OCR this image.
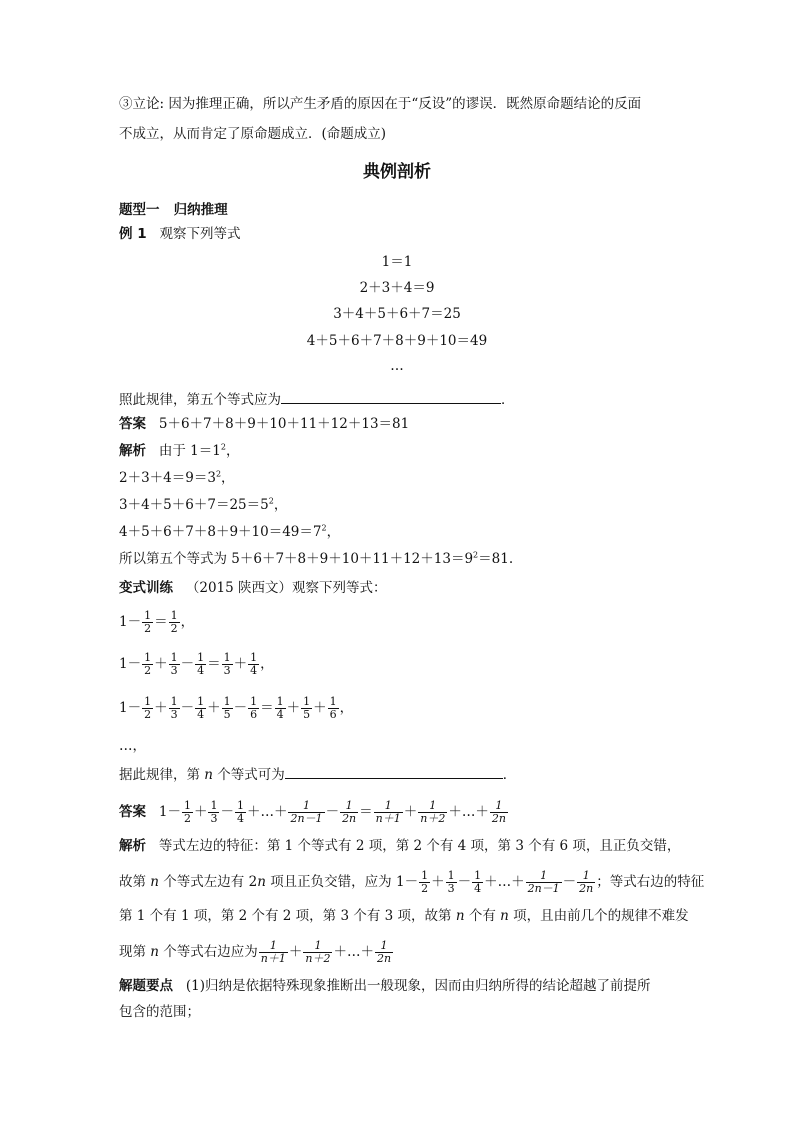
③立论: 因为推理正确，所以产生矛盾的原因在于“反设”的谬误．既然原命题结论的反面
不成立，从而肯定了原命题成立．(命题成立)
典例剖析
题型一 归纳推理
例 1 观察下列等式
1＝1
2＋3＋4＝9
3＋4＋5＋6＋7＝25
4＋5＋6＋7＋8＋9＋10＝49
…
照此规律，第五个等式应为	．
答案 5＋6＋7＋8＋9＋10＋11＋12＋13＝81
解析 由于 $1=1^2$，
$2+3+4=9=3^2$，
$3+4+5+6+7=25=5^2$，
$4+5+6+7+8+9+10=49=7^2$，
所以第五个等式为 $5+6+7+8+9+10+11+12+13=9^2=81$.
变式训练 （2015 陕西文）观察下列等式：
$1- \frac{1}{2} = \frac{1}{2}$ ，
$1- \frac{1}{2} + \frac{1}{3} - \frac{1}{4} = \frac{1}{3} + \frac{1}{4}$ ，
$1- \frac{1}{2} + \frac{1}{3} - \frac{1}{4} + \frac{1}{5} - \frac{1}{6} = \frac{1}{4} + \frac{1}{5} + \frac{1}{6}$ ，
…，
据此规律，第 n 个等式可为	．
答案 $1- \frac{1}{2} + \frac{1}{3} - \frac{1}{4}$ ＋…＋ $\frac{1}{2n-1} - \frac{1}{2n} = \frac{1}{n+1} + \frac{1}{n+2}$ ＋…＋ $\frac{1}{2n}$
解析 等式左边的特征：第 1 个等式有 2 项，第 2 个有 4 项，第 3 个有 6 项，且正负交错，
故第 n 个等式左边有 2n 项且正负交错，应为 $1- \frac{1}{2} + \frac{1}{3} - \frac{1}{4}$ ＋…＋ $\frac{1}{2n-1} - \frac{1}{2n}$ ；等式右边的特征
第 1 个有 1 项，第 2 个有 2 项，第 3 个有 3 项，故第 n 个有 n 项，且由前几个的规律不难发
现第 n 个等式右边应为 $\frac{1}{n+1} + \frac{1}{n+2}$ ＋…＋ $\frac{1}{2n}$
解题要点 (1)归纳是依据特殊现象推断出一般现象，因而由归纳所得的结论超越了前提所
包含的范围；
